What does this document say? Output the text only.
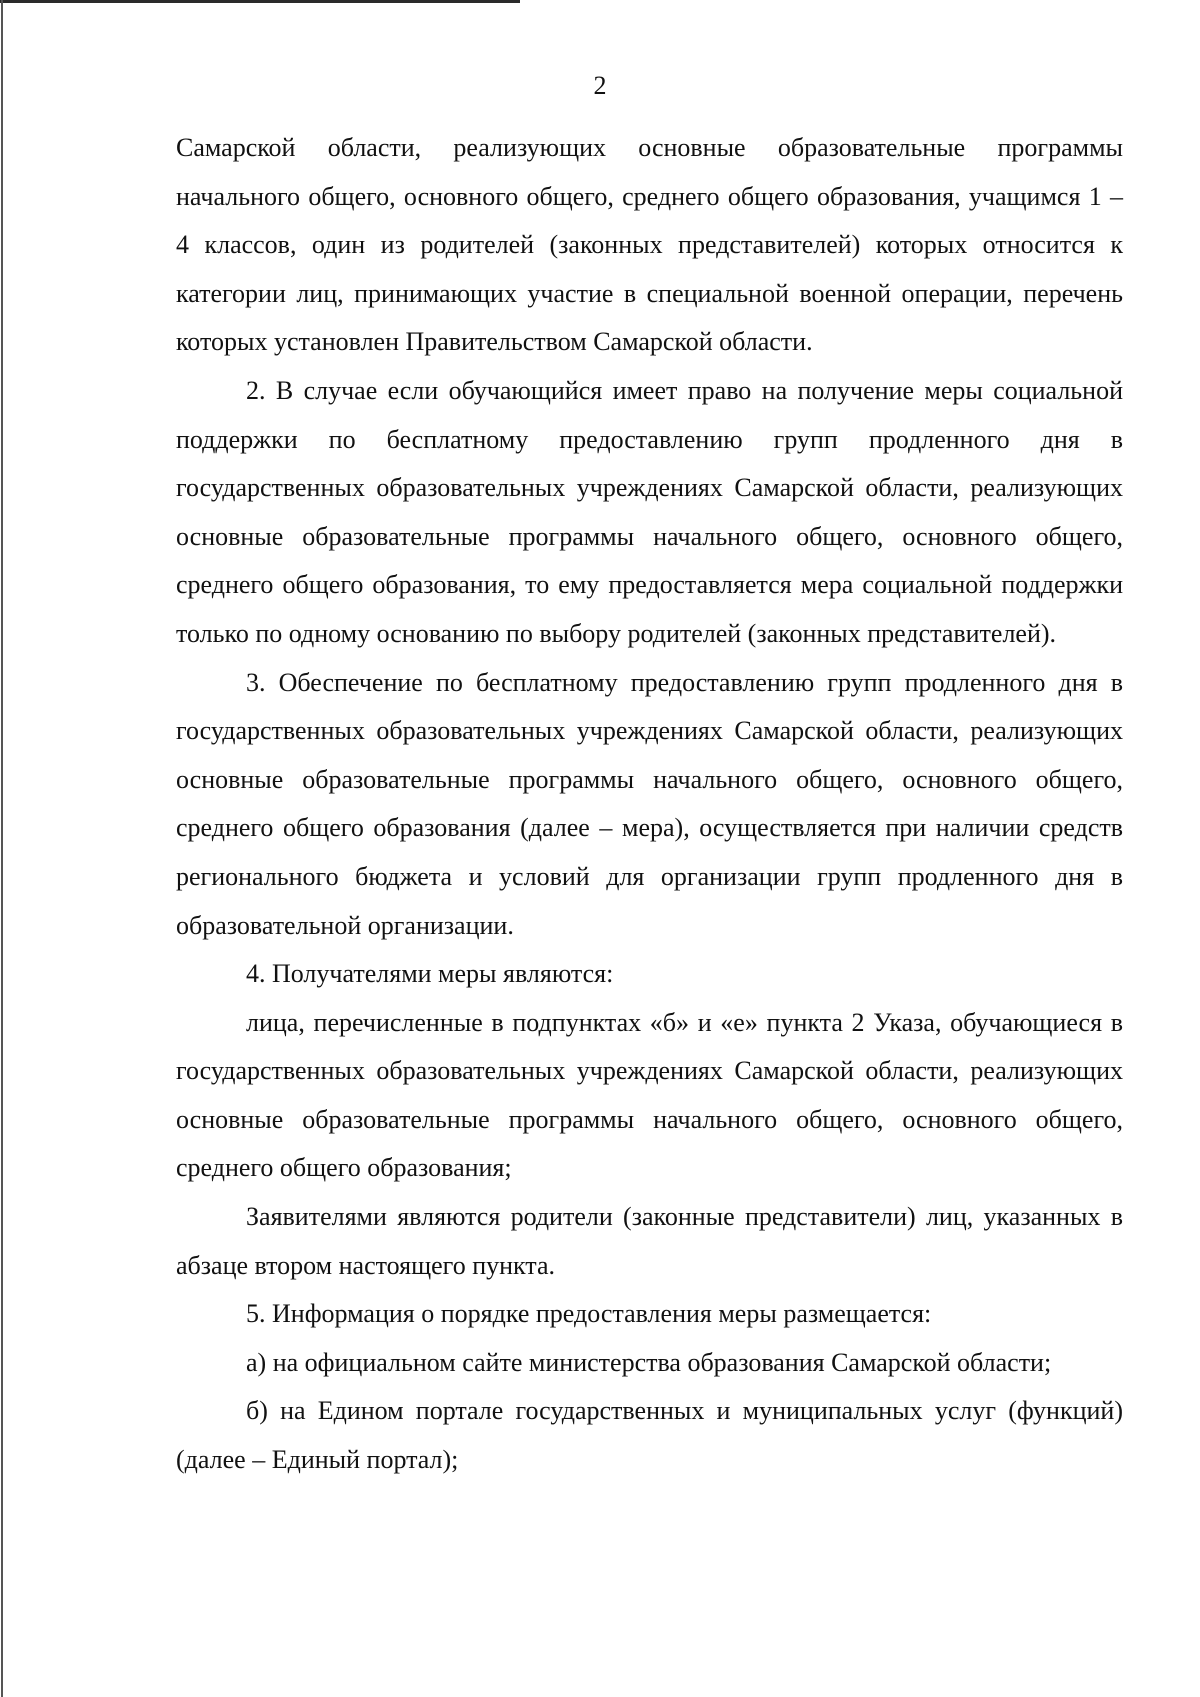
2

Самарской области, реализующих основные образовательные программы начального общего, основного общего, среднего общего образования, учащимся 1 – 4 классов, один из родителей (законных представителей) которых относится к категории лиц, принимающих участие в специальной военной операции, перечень которых установлен Правительством Самарской области.

2. В случае если обучающийся имеет право на получение меры социальной поддержки по бесплатному предоставлению групп продленного дня в государственных образовательных учреждениях Самарской области, реализующих основные образовательные программы начального общего, основного общего, среднего общего образования, то ему предоставляется мера социальной поддержки только по одному основанию по выбору родителей (законных представителей).

3. Обеспечение по бесплатному предоставлению групп продленного дня в государственных образовательных учреждениях Самарской области, реализующих основные образовательные программы начального общего, основного общего, среднего общего образования (далее – мера), осуществляется при наличии средств регионального бюджета и условий для организации групп продленного дня в образовательной организации.

4. Получателями меры являются:

лица, перечисленные в подпунктах «б» и «е» пункта 2 Указа, обучающиеся в государственных образовательных учреждениях Самарской области, реализующих основные образовательные программы начального общего, основного общего, среднего общего образования;

Заявителями являются родители (законные представители) лиц, указанных в абзаце втором настоящего пункта.

5. Информация о порядке предоставления меры размещается:

а) на официальном сайте министерства образования Самарской области;

б) на Едином портале государственных и муниципальных услуг (функций) (далее – Единый портал);
